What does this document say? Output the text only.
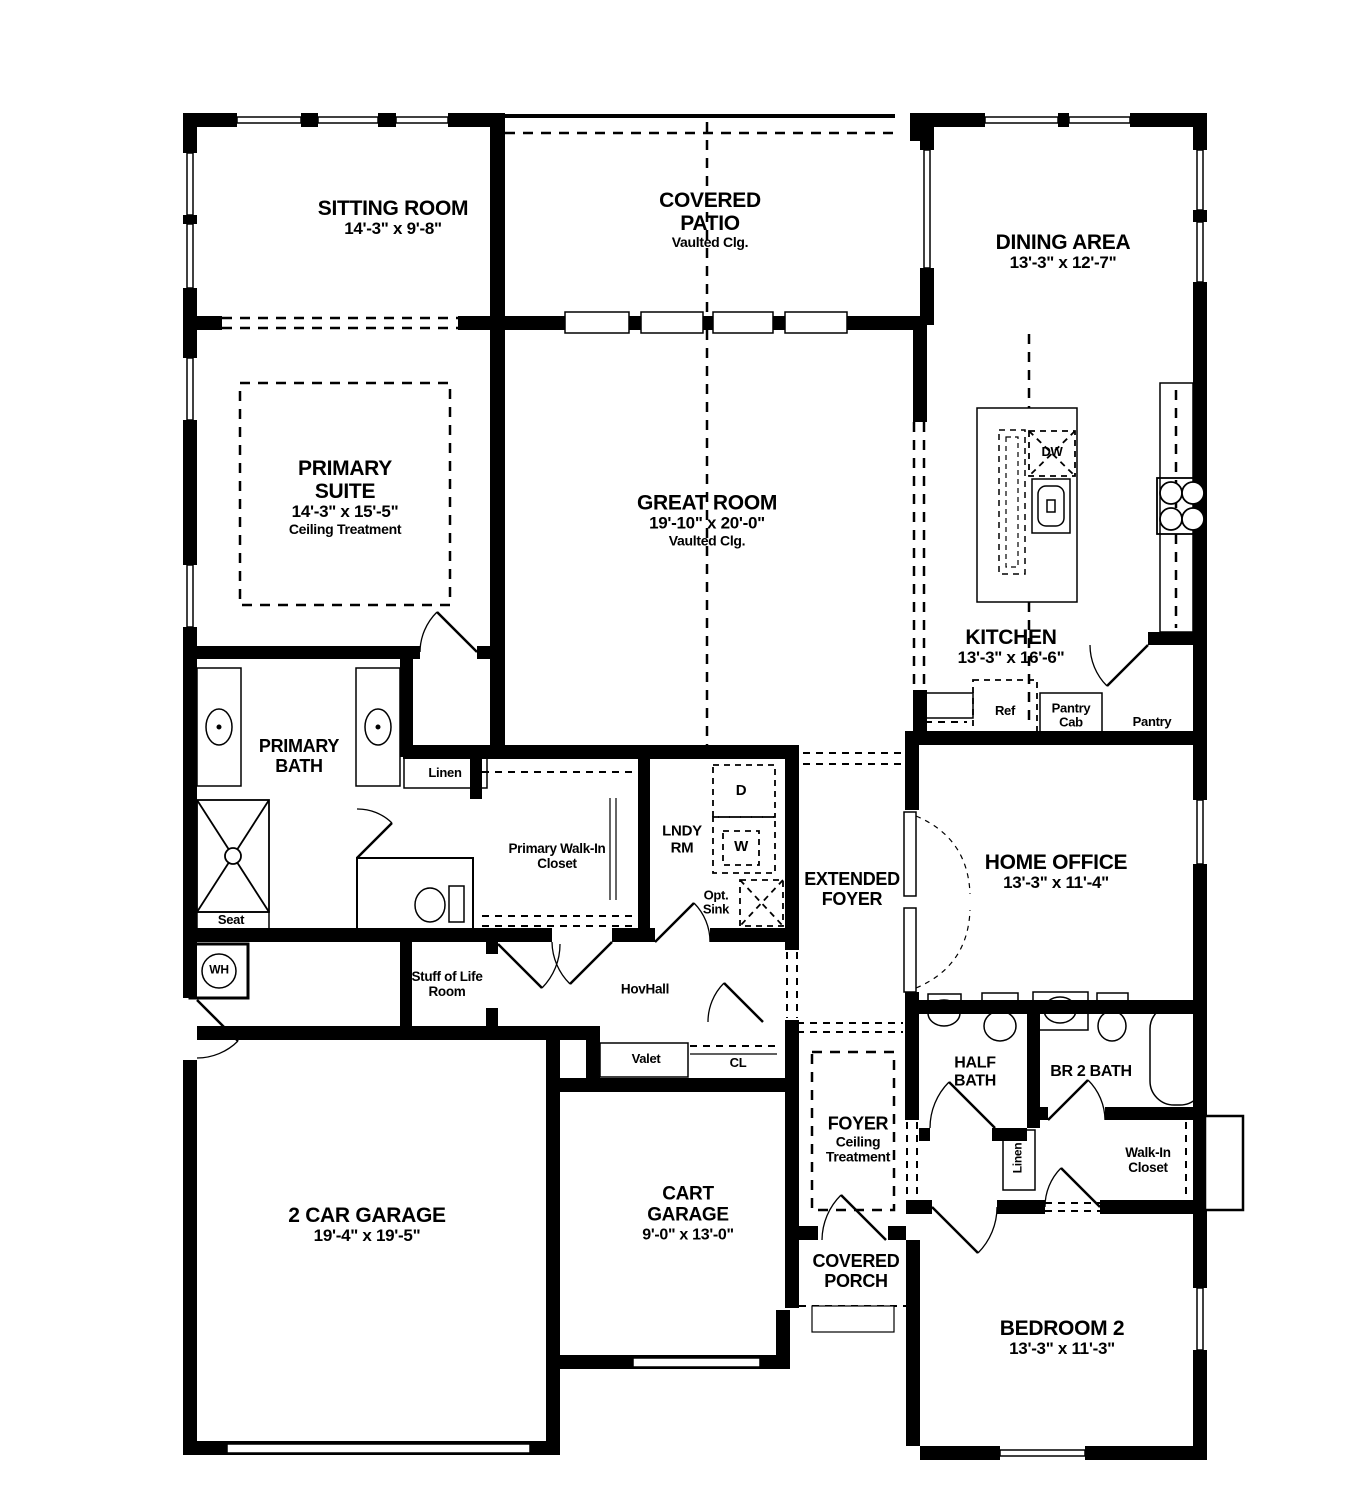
SITTING ROOM
14'-3" x 9'-8"
COVERED PATIO
Vaulted Clg.	DINING AREA
13'-3" x 12'-7"
PRIMARY SUITE
14'-3" x 15'-5"
Ceiling Treatment
GREAT ROOM
19'-10" x 20'-0"
Vaulted Clg.
KITCHEN
13'-3" x 16'-6"
PRIMARY BATH
Primary Walk-In Closet
LNDY RM
EXTENDED FOYER
HOME OFFICE
13'-3" x 11'-4"
Stuff of Life Room	HovHall
HALF BATH
BR 2 BATH
Walk-In Closet
FOYER
Ceiling Treatment
2 CAR GARAGE
19'-4" x 19'-5"
CART GARAGE
9'-0" x 13'-0"
COVERED PORCH
BEDROOM 2
13'-3" x 11'-3"
Linen
Linen
Ref	Pantry Cab	Pantry
DW
D
W
Opt. Sink
Seat
WH
Valet	CL
